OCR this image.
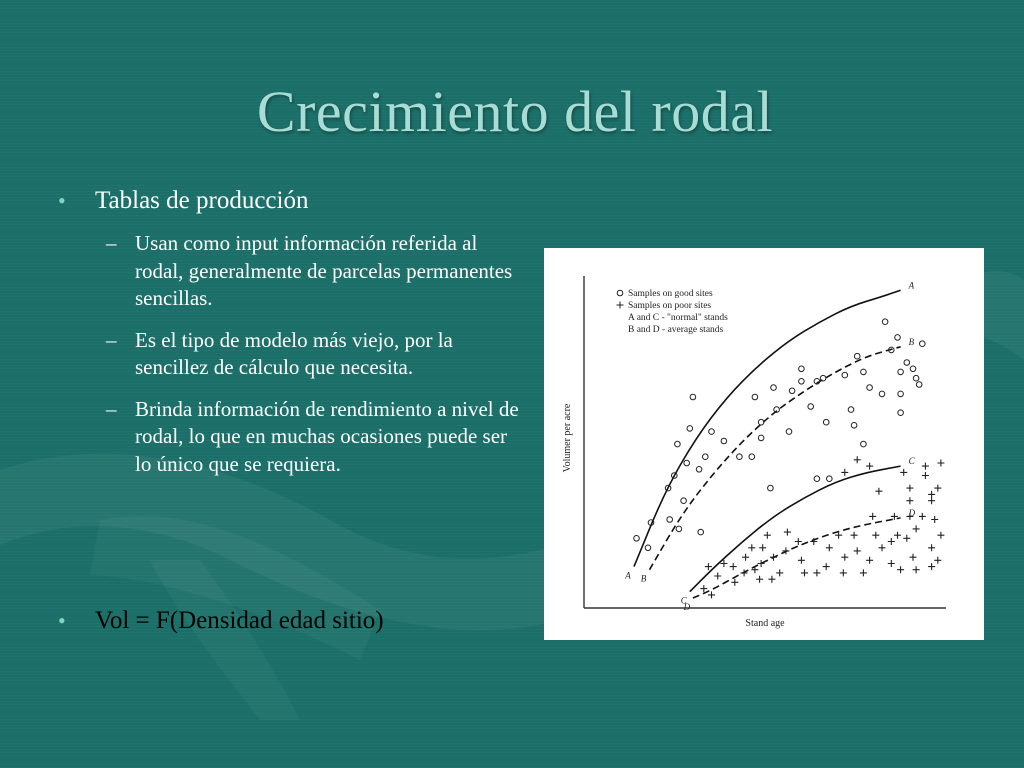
Crecimiento del rodal
• Tablas de producción
– Usan como input información referida al rodal, generalmente de parcelas permanentes sencillas.
– Es el tipo de modelo más viejo, por la sencillez de cálculo que necesita.
– Brinda información de rendimiento a nivel de rodal, lo que en muchas ocasiones puede ser lo único que se requiera.
• Vol = F(Densidad edad sitio)	Stand age
Volumer per acre
Samples on good sites
Samples on poor sites
A and C - "normal" stands
B and D - average stands
A
A
B
B
C
C
D
D
